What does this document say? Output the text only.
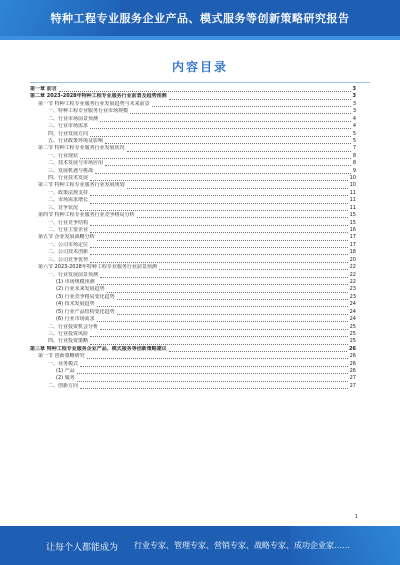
特种工程专业服务企业产品、模式服务等创新策略研究报告
内容目录
第一章 前言	3
第二章 2023-2028年特种工程专业服务行业前景及趋势预测	3
第一节 特种工程专业服务行业发展趋势与未来前景	3
一、特种工程专业服务行业市场规模	3
二、行业市场前景预测	4
三、行业市场需求	4
四、行业发展方向	5
五、行业政策环境及影响	5
第二节 特种工程专业服务行业发展状况	7
一、行业现状	8
二、技术发展与市场应用	8
三、发展机遇与挑战	9
四、行业技术发展	10
第三节 特种工程专业服务行业发展规划	10
一、政策法规支持	11
二、市场需求增长	11
三、竞争状况	11
第四节 特种工程专业服务行业竞争格局分析	15
一、行业竞争结构	15
二、行业主要企业	16
第五节 企业发展战略分析	17
一、公司市场定位	17
二、公司技术创新	18
三、公司竞争优势	20
第六节 2023-2028年特种工程专业服务行业前景预测	22
一、行业发展前景预测	22
(1) 市场规模预测	22
(2) 行业未来发展趋势	23
(3) 行业竞争格局变化趋势	23
(4) 技术发展趋势	24
(5) 行业产品结构变化趋势	24
(6) 行业市场需求	24
二、行业投资机会分析	25
三、行业投资风险	25
四、行业投资策略	25
第三章 特种工程专业服务企业产品、模式服务等创新策略建议	26
第一节 创新策略研究	26
一、业务模式	26
(1) 产品	26
(2) 服务	27
二、创新方向	27
1
让每个人都能成为 行业专家、管理专家、营销专家、战略专家、成功企业家……
